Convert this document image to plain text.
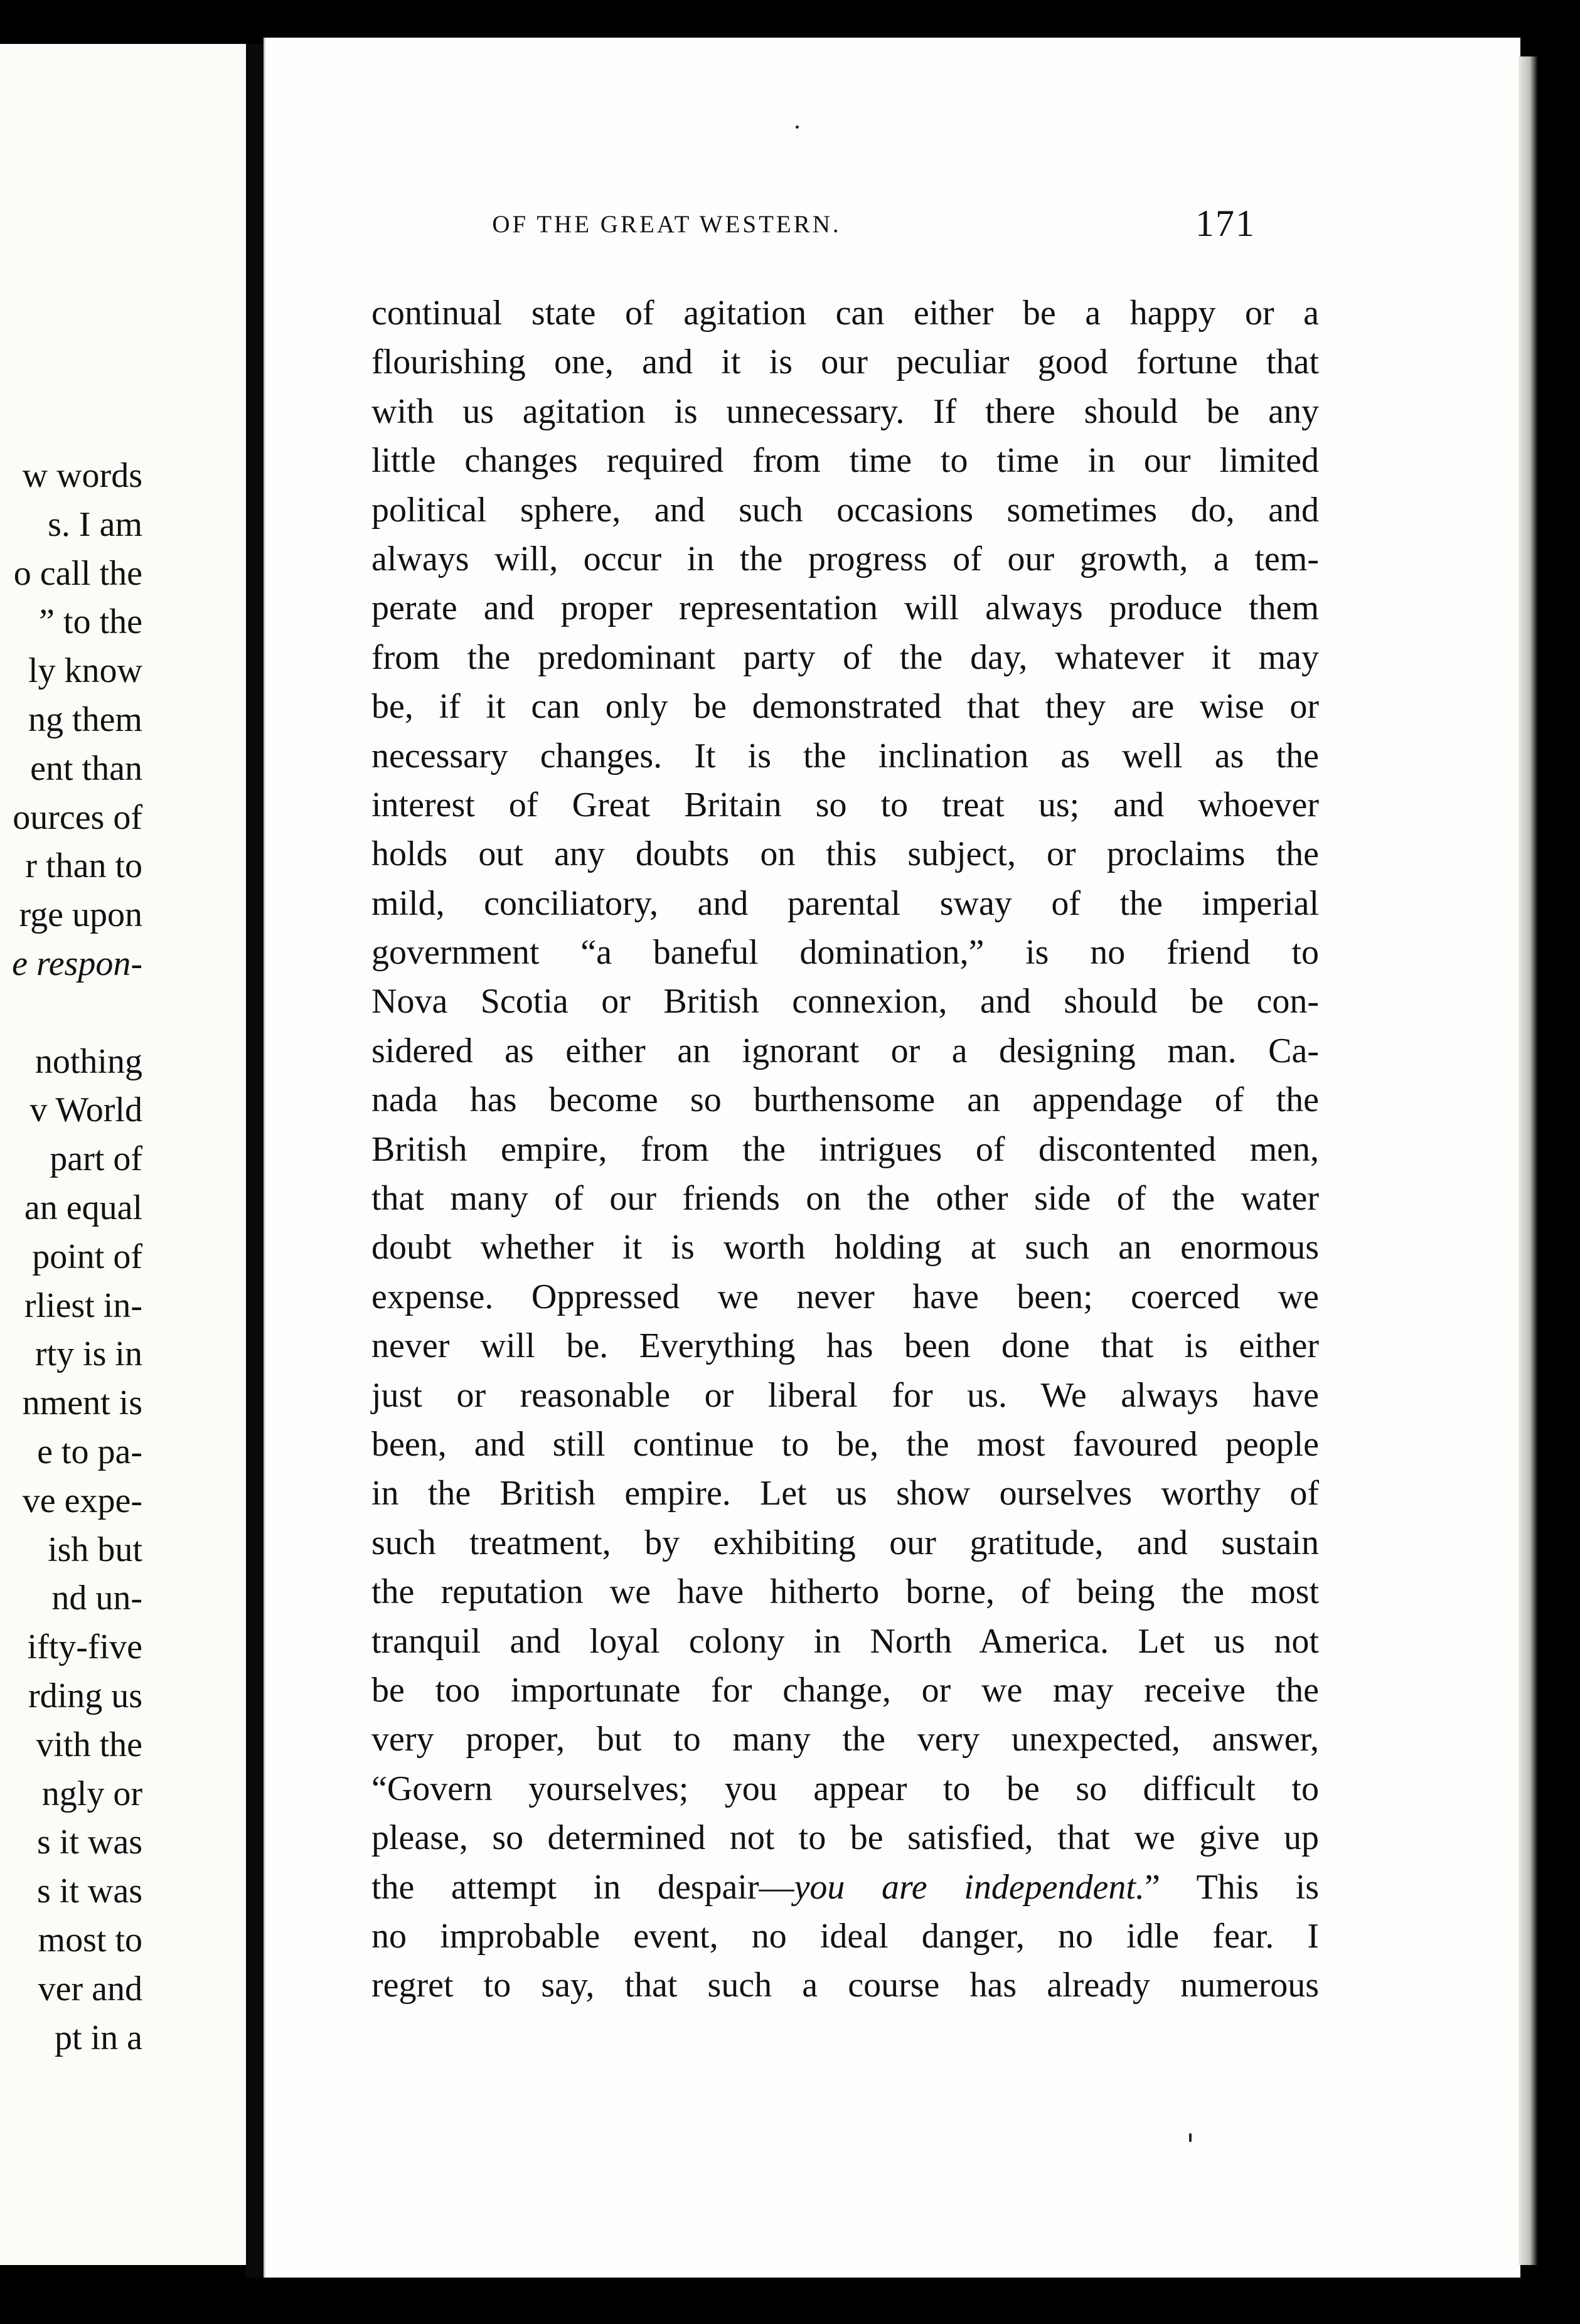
w words
s. I am
o call the
” to the
ly know
ng them
ent than
ources of
r than to
rge upon
e respon-
nothing
v World
part of
an equal
point of
rliest in-
rty is in
nment is
e to pa-
ve expe-
ish but
nd un-
ifty-five
rding us
vith the
ngly or
s it was
s it was
most to
ver and
pt in a
OF THE GREAT WESTERN.	171
continual state of agitation can either be a happy or a
flourishing one, and it is our peculiar good fortune that
with us agitation is unnecessary. If there should be any
little changes required from time to time in our limited
political sphere, and such occasions sometimes do, and
always will, occur in the progress of our growth, a tem-
perate and proper representation will always produce them
from the predominant party of the day, whatever it may
be, if it can only be demonstrated that they are wise or
necessary changes. It is the inclination as well as the
interest of Great Britain so to treat us; and whoever
holds out any doubts on this subject, or proclaims the
mild, conciliatory, and parental sway of the imperial
government “a baneful domination,” is no friend to
Nova Scotia or British connexion, and should be con-
sidered as either an ignorant or a designing man. Ca-
nada has become so burthensome an appendage of the
British empire, from the intrigues of discontented men,
that many of our friends on the other side of the water
doubt whether it is worth holding at such an enormous
expense. Oppressed we never have been; coerced we
never will be. Everything has been done that is either
just or reasonable or liberal for us. We always have
been, and still continue to be, the most favoured people
in the British empire. Let us show ourselves worthy of
such treatment, by exhibiting our gratitude, and sustain
the reputation we have hitherto borne, of being the most
tranquil and loyal colony in North America. Let us not
be too importunate for change, or we may receive the
very proper, but to many the very unexpected, answer,
“Govern yourselves; you appear to be so difficult to
please, so determined not to be satisfied, that we give up
the attempt in despair—you are independent.” This is
no improbable event, no ideal danger, no idle fear. I
regret to say, that such a course has already numerous
